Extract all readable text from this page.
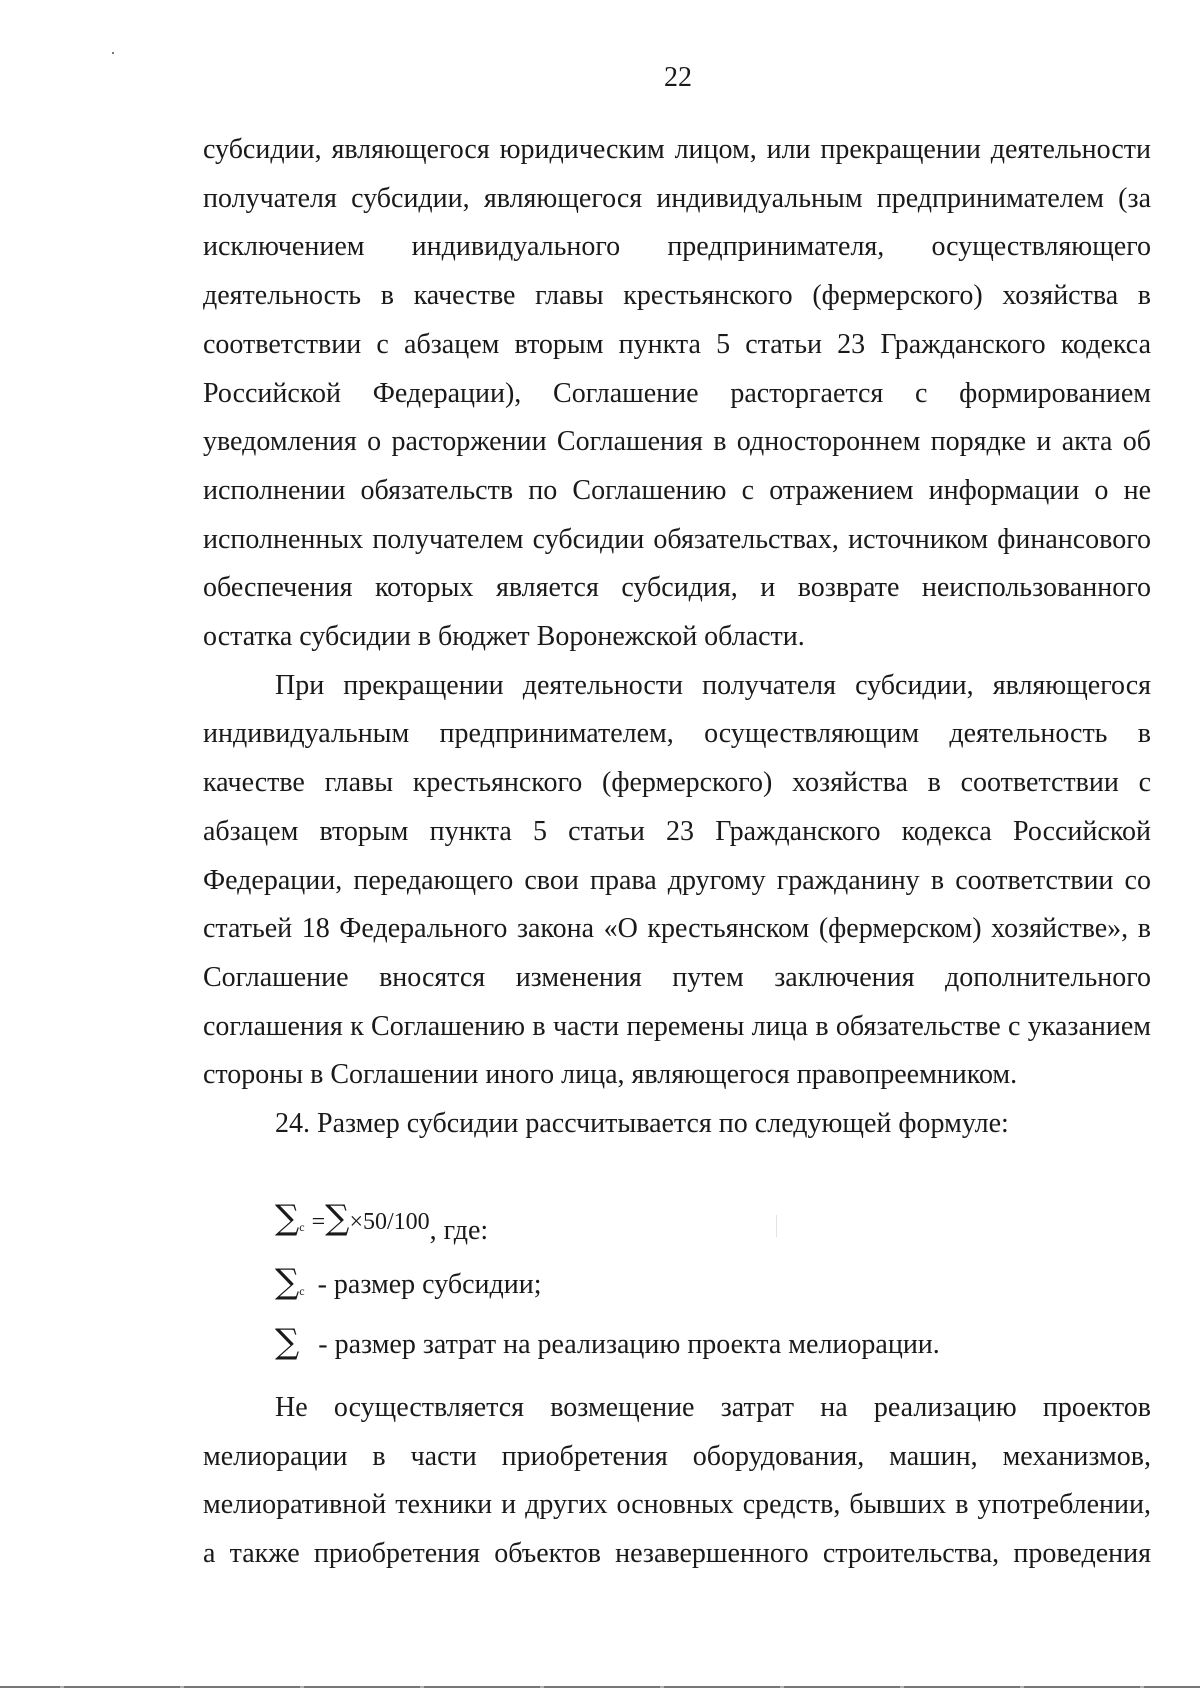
22

субсидии, являющегося юридическим лицом, или прекращении деятельности получателя субсидии, являющегося индивидуальным предпринимателем (за исключением индивидуального предпринимателя, осуществляющего деятельность в качестве главы крестьянского (фермерского) хозяйства в соответствии с абзацем вторым пункта 5 статьи 23 Гражданского кодекса Российской Федерации), Соглашение расторгается с формированием уведомления о расторжении Соглашения в одностороннем порядке и акта об исполнении обязательств по Соглашению с отражением информации о не исполненных получателем субсидии обязательствах, источником финансового обеспечения которых является субсидия, и возврате неиспользованного остатка субсидии в бюджет Воронежской области.

При прекращении деятельности получателя субсидии, являющегося индивидуальным предпринимателем, осуществляющим деятельность в качестве главы крестьянского (фермерского) хозяйства в соответствии с абзацем вторым пункта 5 статьи 23 Гражданского кодекса Российской Федерации, передающего свои права другому гражданину в соответствии со статьей 18 Федерального закона «О крестьянском (фермерском) хозяйстве», в Соглашение вносятся изменения путем заключения дополнительного соглашения к Соглашению в части перемены лица в обязательстве с указанием стороны в Соглашении иного лица, являющегося правопреемником.

24. Размер субсидии рассчитывается по следующей формуле:

∑с =∑×50/100, где:
∑с - размер субсидии;
∑ - размер затрат на реализацию проекта мелиорации.

Не осуществляется возмещение затрат на реализацию проектов мелиорации в части приобретения оборудования, машин, механизмов, мелиоративной техники и других основных средств, бывших в употреблении, а также приобретения объектов незавершенного строительства, проведения
